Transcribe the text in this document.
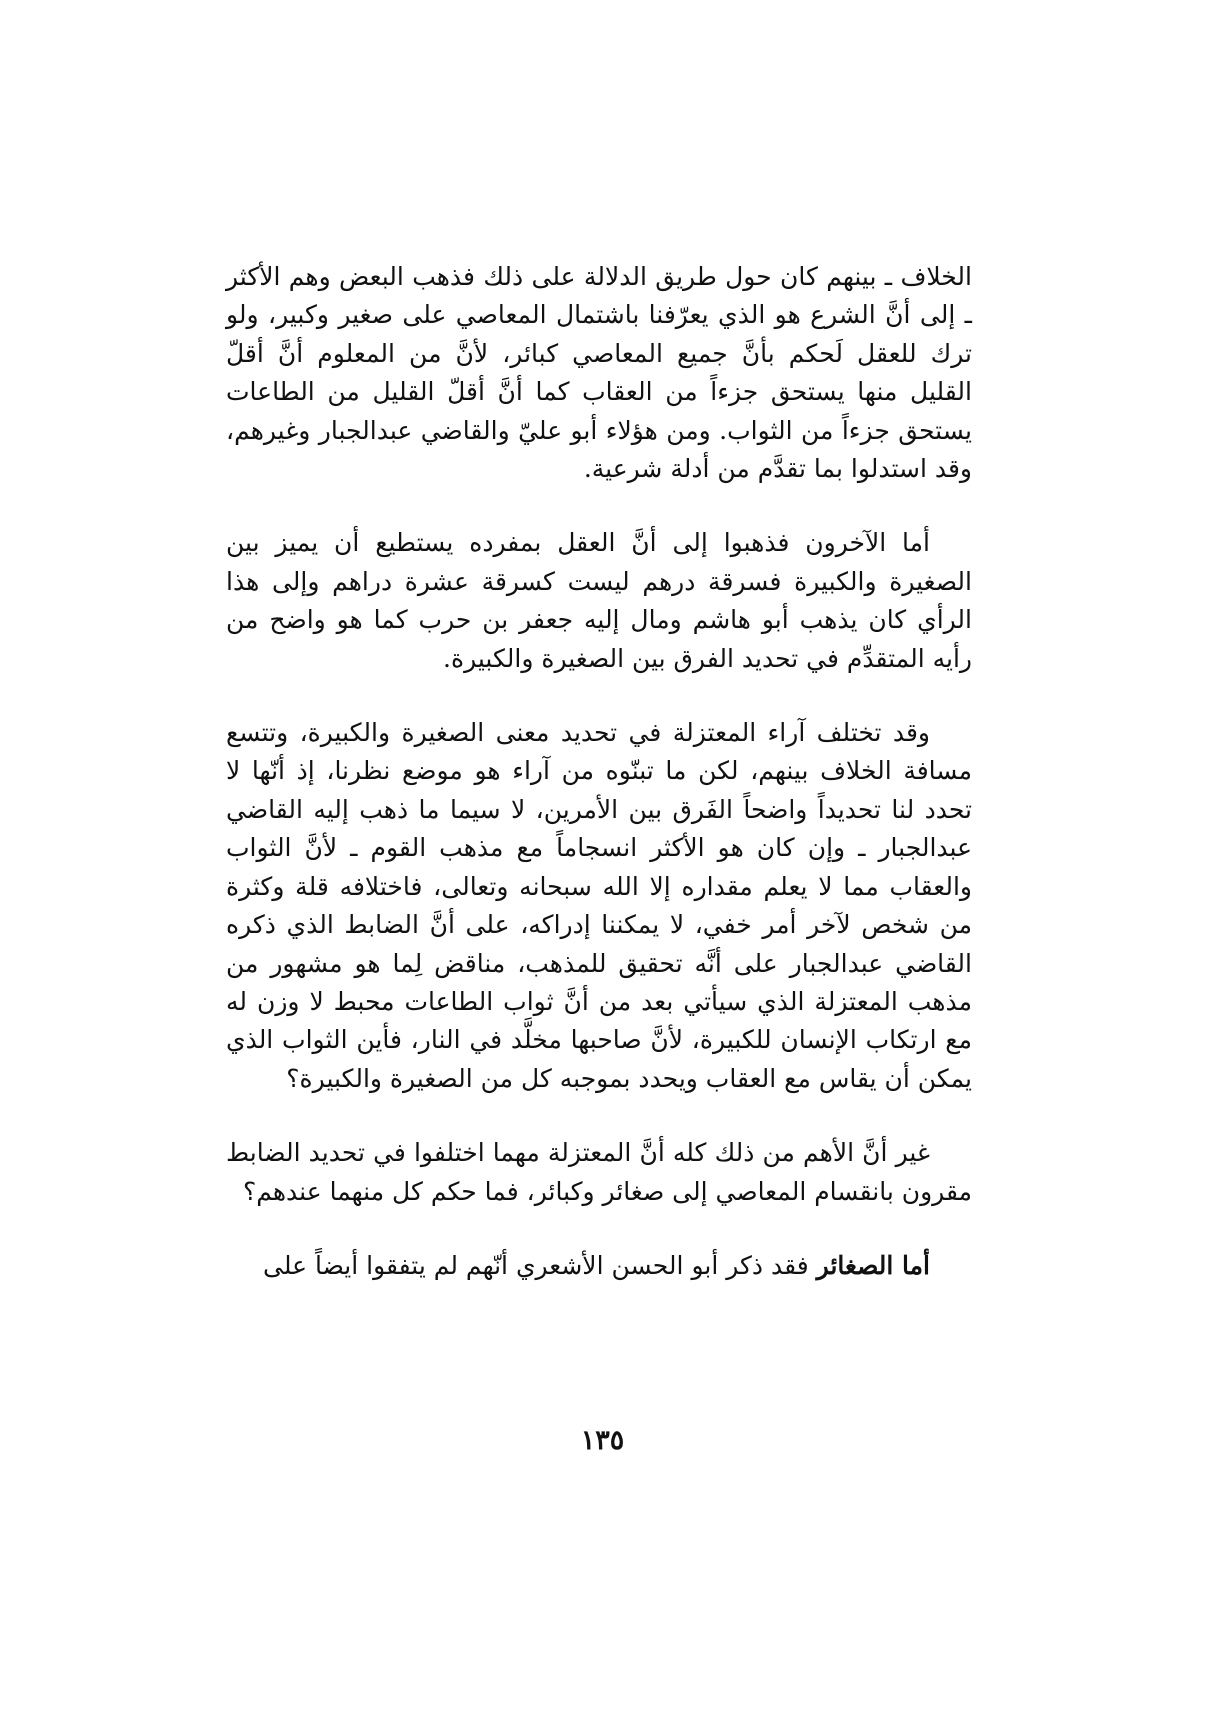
الخلاف ـ بينهم كان حول طريق الدلالة على ذلك فذهب البعض وهم الأكثر ـ إلى أنَّ الشرع هو الذي يعرّفنا باشتمال المعاصي على صغير وكبير، ولو ترك للعقل لَحكم بأنَّ جميع المعاصي كبائر، لأنَّ من المعلوم أنَّ أقلّ القليل منها يستحق جزءاً من العقاب كما أنَّ أقلّ القليل من الطاعات يستحق جزءاً من الثواب. ومن هؤلاء أبو عليّ والقاضي عبدالجبار وغيرهم، وقد استدلوا بما تقدَّم من أدلة شرعية.

أما الآخرون فذهبوا إلى أنَّ العقل بمفرده يستطيع أن يميز بين الصغيرة والكبيرة فسرقة درهم ليست كسرقة عشرة دراهم وإلى هذا الرأي كان يذهب أبو هاشم ومال إليه جعفر بن حرب كما هو واضح من رأيه المتقدِّم في تحديد الفرق بين الصغيرة والكبيرة.

وقد تختلف آراء المعتزلة في تحديد معنى الصغيرة والكبيرة، وتتسع مسافة الخلاف بينهم، لكن ما تبنّوه من آراء هو موضع نظرنا، إذ أنّها لا تحدد لنا تحديداً واضحاً الفَرق بين الأمرين، لا سيما ما ذهب إليه القاضي عبدالجبار ـ وإن كان هو الأكثر انسجاماً مع مذهب القوم ـ لأنَّ الثواب والعقاب مما لا يعلم مقداره إلا الله سبحانه وتعالى، فاختلافه قلة وكثرة من شخص لآخر أمر خفي، لا يمكننا إدراكه، على أنَّ الضابط الذي ذكره القاضي عبدالجبار على أنَّه تحقيق للمذهب، مناقض لِما هو مشهور من مذهب المعتزلة الذي سيأتي بعد من أنَّ ثواب الطاعات محبط لا وزن له مع ارتكاب الإنسان للكبيرة، لأنَّ صاحبها مخلَّد في النار، فأين الثواب الذي يمكن أن يقاس مع العقاب ويحدد بموجبه كل من الصغيرة والكبيرة؟

غير أنَّ الأهم من ذلك كله أنَّ المعتزلة مهما اختلفوا في تحديد الضابط مقرون بانقسام المعاصي إلى صغائر وكبائر، فما حكم كل منهما عندهم؟

أما الصغائر فقد ذكر أبو الحسن الأشعري أنّهم لم يتفقوا أيضاً على

١٣٥
